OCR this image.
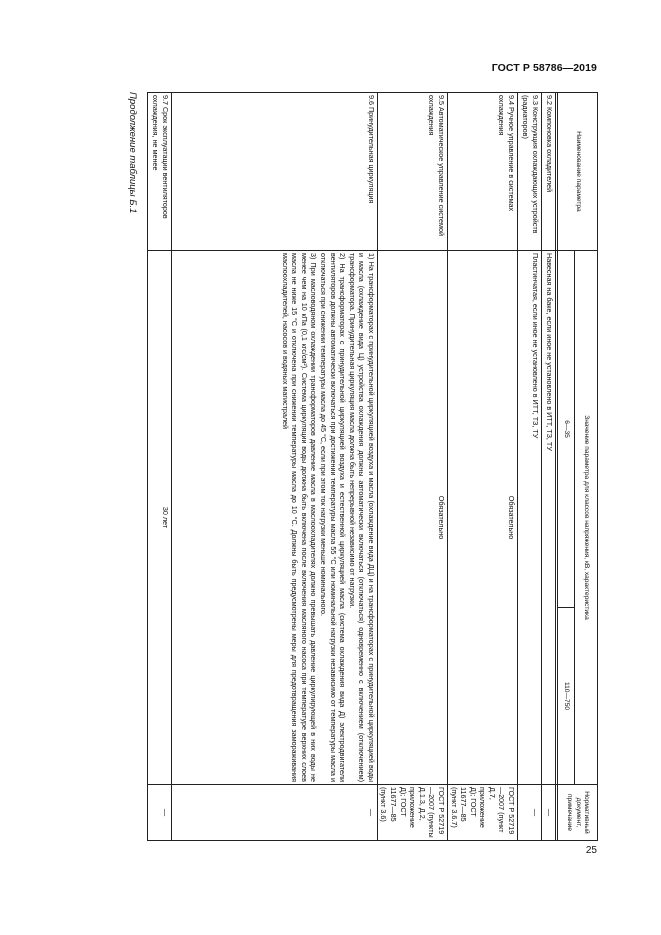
ГОСТ Р 58786—2019
Наименование параметра	Значение параметра для классов напряжения, кВ, характеристика		Нормативный документ, примечание
	6—35	110—750	

9.2 Компоновка охладителей	Навесная на баке, если иное не установлено в ИТТ, ТЗ, ТУ		—
9.3 Конструкция охлаждающих устройств (радиаторов)	Пластинчатая, если иное не установлено в ИТТ, ТЗ, ТУ		—
9.4 Ручное управление в системах охлаждения	Обязательно		ГОСТ Р 52719—2007 (пункт Д.7, приложение Д); ГОСТ 11677—85 (пункт 3.6.7)
9.5 Автоматическое управление системой охлаждения	Обязательно		ГОСТ Р 52719—2007 (пункты Д.1.3, Д.2, приложение Д); ГОСТ 11677—85 (пункт 3.6)
9.6 Принудительная циркуляция	1) На трансформаторах с принудительной циркуляцией воздуха и масла (охлаждение вида ДЦ) и на трансформаторах с принудительной циркуляцией воды и масла (охлаждение вида Ц) устройства охлаждения должны автоматически включаться (отключаться) одновременно с включением (отключением) трансформатора. Принудительная циркуляция масла должна быть непрерывной независимо от нагрузки.
2) На трансформаторах с принудительной циркуляцией воздуха и естественной циркуляцией масла (система охлаждения вида Д) электродвигатели вентиляторов должны автоматически включаться при достижении температуры масла 55 °С или номинальной нагрузки независимо от температуры масла и отключаться при снижении температуры масла до 45 °С, если при этом ток нагрузки меньше номинального.
3) При масловодяном охлаждении трансформаторов давление масла в маслоохладителях должно превышать давление циркулирующей в них воды не менее чем на 10 кПа (0,1 кгс/см²). Система циркуляции воды должна быть включена после включения масляного насоса при температуре верхних слоев масла не ниже 15 °С и отключена при снижении температуры масла до 10 °С. Должны быть предусмотрены меры для предотвращения замораживания маслоохладителей, насосов и водяных магистралей		—
9.7 Срок эксплуатации вентиляторов охлаждения, не менее	30 лет		—
Продолжение таблицы Б.1
25
